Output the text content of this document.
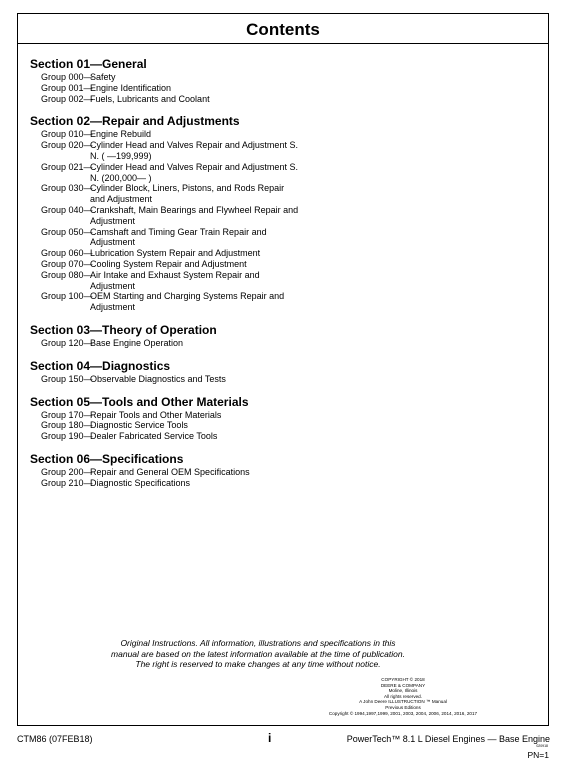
Contents
Section 01—General
Group 000—
Safety
Group 001—
Engine Identification
Group 002—
Fuels, Lubricants and Coolant
Section 02—Repair and Adjustments
Group 010—
Engine Rebuild
Group 020—
Cylinder Head and Valves Repair and Adjustment S. N. ( —199,999)
Group 021—
Cylinder Head and Valves Repair and Adjustment S. N. (200,000— )
Group 030—
Cylinder Block, Liners, Pistons, and Rods Repair and Adjustment
Group 040—
Crankshaft, Main Bearings and Flywheel Repair and Adjustment
Group 050—
Camshaft and Timing Gear Train Repair and Adjustment
Group 060—
Lubrication System Repair and Adjustment
Group 070—
Cooling System Repair and Adjustment
Group 080—
Air Intake and Exhaust System Repair and Adjustment
Group 100—
OEM Starting and Charging Systems Repair and Adjustment
Section 03—Theory of Operation
Group 120—
Base Engine Operation
Section 04—Diagnostics
Group 150—
Observable Diagnostics and Tests
Section 05—Tools and Other Materials
Group 170—
Repair Tools and Other Materials
Group 180—
Diagnostic Service Tools
Group 190—
Dealer Fabricated Service Tools
Section 06—Specifications
Group 200—
Repair and General OEM Specifications
Group 210—
Diagnostic Specifications
Original Instructions. All information, illustrations and specifications in this
manual are based on the latest information available at the time of publication.
The right is reserved to make changes at any time without notice.
COPYRIGHT © 2018
DEERE & COMPANY
Moline, Illinois
All rights reserved.
A John Deere ILLUSTRUCTION ™ Manual
Previous Editions
Copyright © 1994,1997,1999, 2001, 2003, 2004, 2006, 2014, 2016, 2017
CTM86 (07FEB18)	i	PowerTech™ 8.1 L Diesel Engines — Base Engine
020918
PN=1
